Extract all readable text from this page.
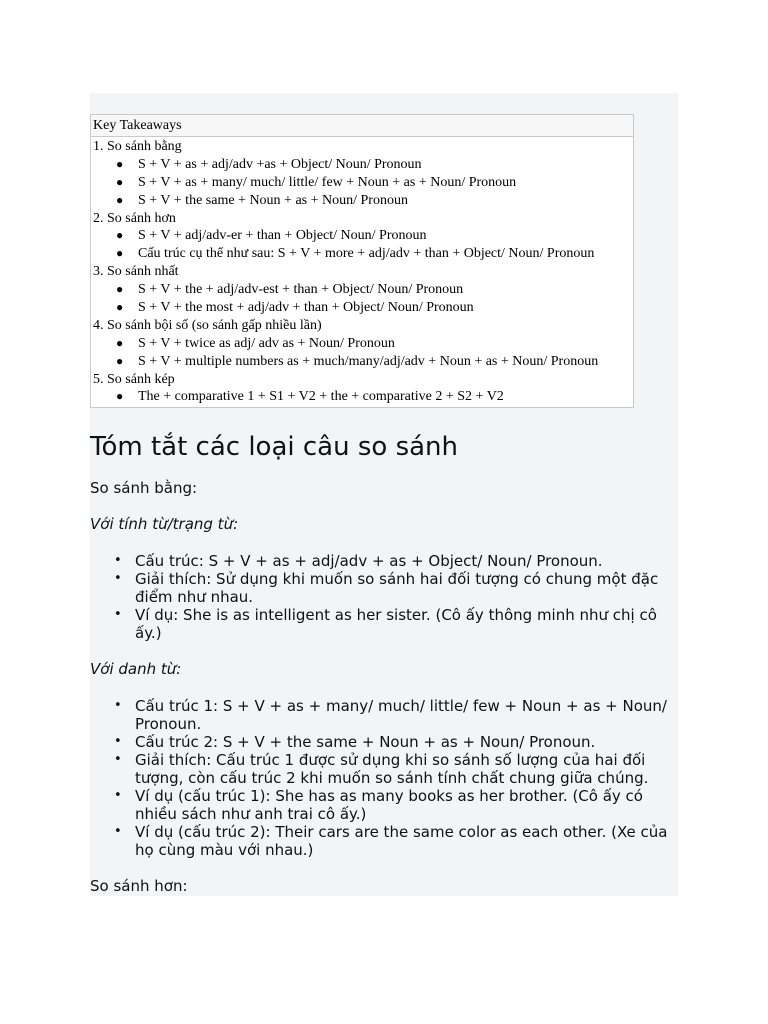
Key Takeaways
1. So sánh bằng
● S + V + as + adj/adv +as + Object/ Noun/ Pronoun
● S + V + as + many/ much/ little/ few + Noun + as + Noun/ Pronoun
● S + V + the same + Noun + as + Noun/ Pronoun
2. So sánh hơn
● S + V + adj/adv-er + than + Object/ Noun/ Pronoun
● Cấu trúc cụ thể như sau: S + V + more + adj/adv + than + Object/ Noun/ Pronoun
3. So sánh nhất
● S + V + the + adj/adv-est + than + Object/ Noun/ Pronoun
● S + V + the most + adj/adv + than + Object/ Noun/ Pronoun
4. So sánh bội số (so sánh gấp nhiều lần)
● S + V + twice as adj/ adv as + Noun/ Pronoun
● S + V + multiple numbers as + much/many/adj/adv + Noun + as + Noun/ Pronoun
5. So sánh kép
● The + comparative 1 + S1 + V2 + the + comparative 2 + S2 + V2
Tóm tắt các loại câu so sánh
So sánh bằng:
Với tính từ/trạng từ:
• Cấu trúc: S + V + as + adj/adv + as + Object/ Noun/ Pronoun.
• Giải thích: Sử dụng khi muốn so sánh hai đối tượng có chung một đặc điểm như nhau.
• Ví dụ: She is as intelligent as her sister. (Cô ấy thông minh như chị cô ấy.)
Với danh từ:
• Cấu trúc 1: S + V + as + many/ much/ little/ few + Noun + as + Noun/ Pronoun.
• Cấu trúc 2: S + V + the same + Noun + as + Noun/ Pronoun.
• Giải thích: Cấu trúc 1 được sử dụng khi so sánh số lượng của hai đối tượng, còn cấu trúc 2 khi muốn so sánh tính chất chung giữa chúng.
• Ví dụ (cấu trúc 1): She has as many books as her brother. (Cô ấy có nhiều sách như anh trai cô ấy.)
• Ví dụ (cấu trúc 2): Their cars are the same color as each other. (Xe của họ cùng màu với nhau.)
So sánh hơn:
